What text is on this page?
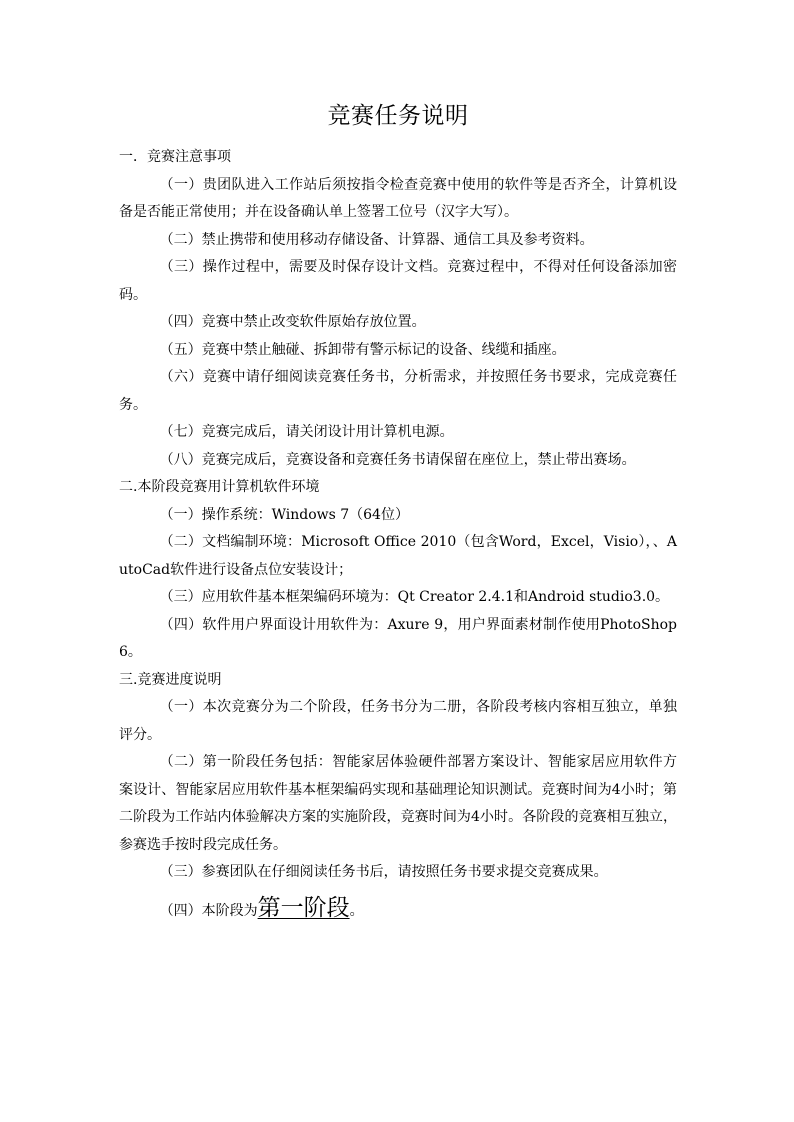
竞赛任务说明

一．竞赛注意事项

（一）贵团队进入工作站后须按指令检查竞赛中使用的软件等是否齐全，计算机设备是否能正常使用；并在设备确认单上签署工位号（汉字大写）。

（二）禁止携带和使用移动存储设备、计算器、通信工具及参考资料。

（三）操作过程中，需要及时保存设计文档。竞赛过程中，不得对任何设备添加密码。

（四）竞赛中禁止改变软件原始存放位置。

（五）竞赛中禁止触碰、拆卸带有警示标记的设备、线缆和插座。

（六）竞赛中请仔细阅读竞赛任务书，分析需求，并按照任务书要求，完成竞赛任务。

（七）竞赛完成后，请关闭设计用计算机电源。

（八）竞赛完成后，竞赛设备和竞赛任务书请保留在座位上，禁止带出赛场。

二.本阶段竞赛用计算机软件环境

（一）操作系统：Windows 7（64位）

（二）文档编制环境：Microsoft Office 2010（包含Word，Excel，Visio），、AutoCad软件进行设备点位安装设计；

（三）应用软件基本框架编码环境为：Qt Creator 2.4.1和Android studio3.0。

（四）软件用户界面设计用软件为：Axure 9，用户界面素材制作使用PhotoShop 6。

三.竞赛进度说明

（一）本次竞赛分为二个阶段，任务书分为二册，各阶段考核内容相互独立，单独评分。

（二）第一阶段任务包括：智能家居体验硬件部署方案设计、智能家居应用软件方案设计、智能家居应用软件基本框架编码实现和基础理论知识测试。竞赛时间为4小时；第二阶段为工作站内体验解决方案的实施阶段，竞赛时间为4小时。各阶段的竞赛相互独立，参赛选手按时段完成任务。

（三）参赛团队在仔细阅读任务书后，请按照任务书要求提交竞赛成果。

（四）本阶段为第一阶段。
